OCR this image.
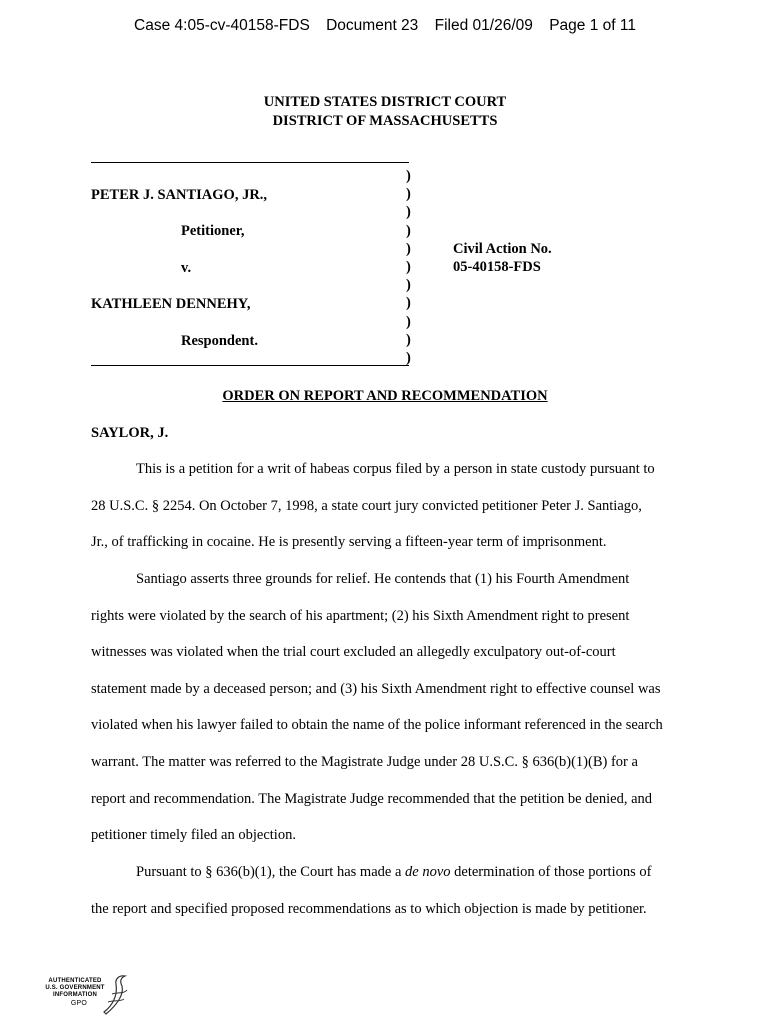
Case 4:05-cv-40158-FDS Document 23 Filed 01/26/09 Page 1 of 11
UNITED STATES DISTRICT COURT
DISTRICT OF MASSACHUSETTS
)
)
)
)
)
)
)
)
)
)
)
PETER J. SANTIAGO, JR.,
Petitioner,
v.
KATHLEEN DENNEHY,
Respondent.
Civil Action No.
05-40158-FDS
ORDER ON REPORT AND RECOMMENDATION
SAYLOR, J.
This is a petition for a writ of habeas corpus filed by a person in state custody pursuant to
28 U.S.C. § 2254. On October 7, 1998, a state court jury convicted petitioner Peter J. Santiago,
Jr., of trafficking in cocaine. He is presently serving a fifteen-year term of imprisonment.
Santiago asserts three grounds for relief. He contends that (1) his Fourth Amendment
rights were violated by the search of his apartment; (2) his Sixth Amendment right to present
witnesses was violated when the trial court excluded an allegedly exculpatory out-of-court
statement made by a deceased person; and (3) his Sixth Amendment right to effective counsel was
violated when his lawyer failed to obtain the name of the police informant referenced in the search
warrant. The matter was referred to the Magistrate Judge under 28 U.S.C. § 636(b)(1)(B) for a
report and recommendation. The Magistrate Judge recommended that the petition be denied, and
petitioner timely filed an objection.
Pursuant to § 636(b)(1), the Court has made a de novo determination of those portions of
the report and specified proposed recommendations as to which objection is made by petitioner.
AUTHENTICATED
U.S. GOVERNMENT
INFORMATION
GPO
